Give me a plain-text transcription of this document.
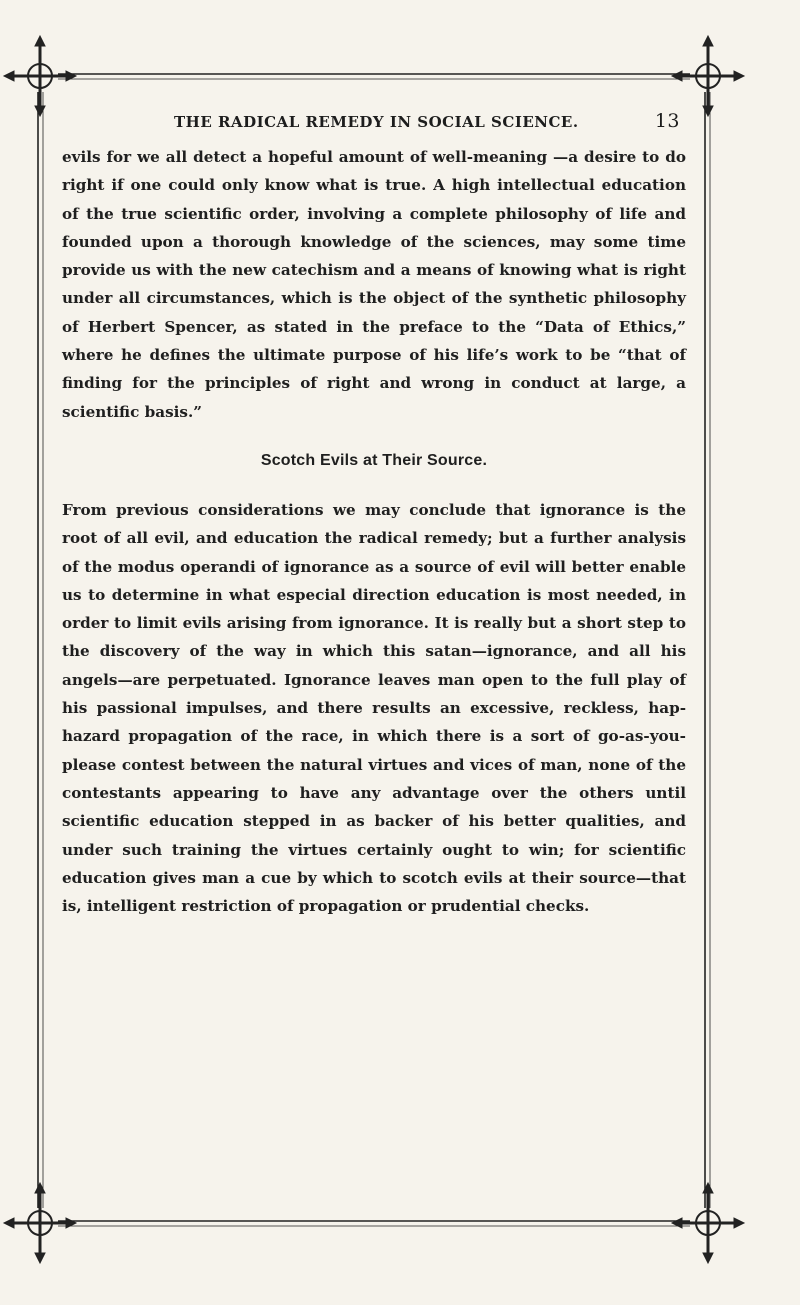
THE RADICAL REMEDY IN SOCIAL SCIENCE.	13

evils for we all detect a hopeful amount of well-meaning —a desire to do right if one could only know what is true. A high intellectual education of the true scientific order, involving a complete philosophy of life and founded upon a thorough knowledge of the sciences, may some time provide us with the new catechism and a means of knowing what is right under all circumstances, which is the object of the synthetic philosophy of Herbert Spencer, as stated in the preface to the “Data of Ethics,” where he defines the ultimate purpose of his life’s work to be “that of finding for the principles of right and wrong in conduct at large, a scientific basis.”

Scotch Evils at Their Source.

From previous considerations we may conclude that ignorance is the root of all evil, and education the radical remedy; but a further analysis of the modus operandi of ignorance as a source of evil will better enable us to determine in what especial direction education is most needed, in order to limit evils arising from ignorance. It is really but a short step to the discovery of the way in which this satan—ignorance, and all his angels—are perpetuated. Ignorance leaves man open to the full play of his passional impulses, and there results an excessive, reckless, hap-hazard propagation of the race, in which there is a sort of go-as-you-please contest between the natural virtues and vices of man, none of the contestants appearing to have any advantage over the others until scientific education stepped in as backer of his better qualities, and under such training the virtues certainly ought to win; for scientific education gives man a cue by which to scotch evils at their source—that is, intelligent restriction of propagation or prudential checks.
